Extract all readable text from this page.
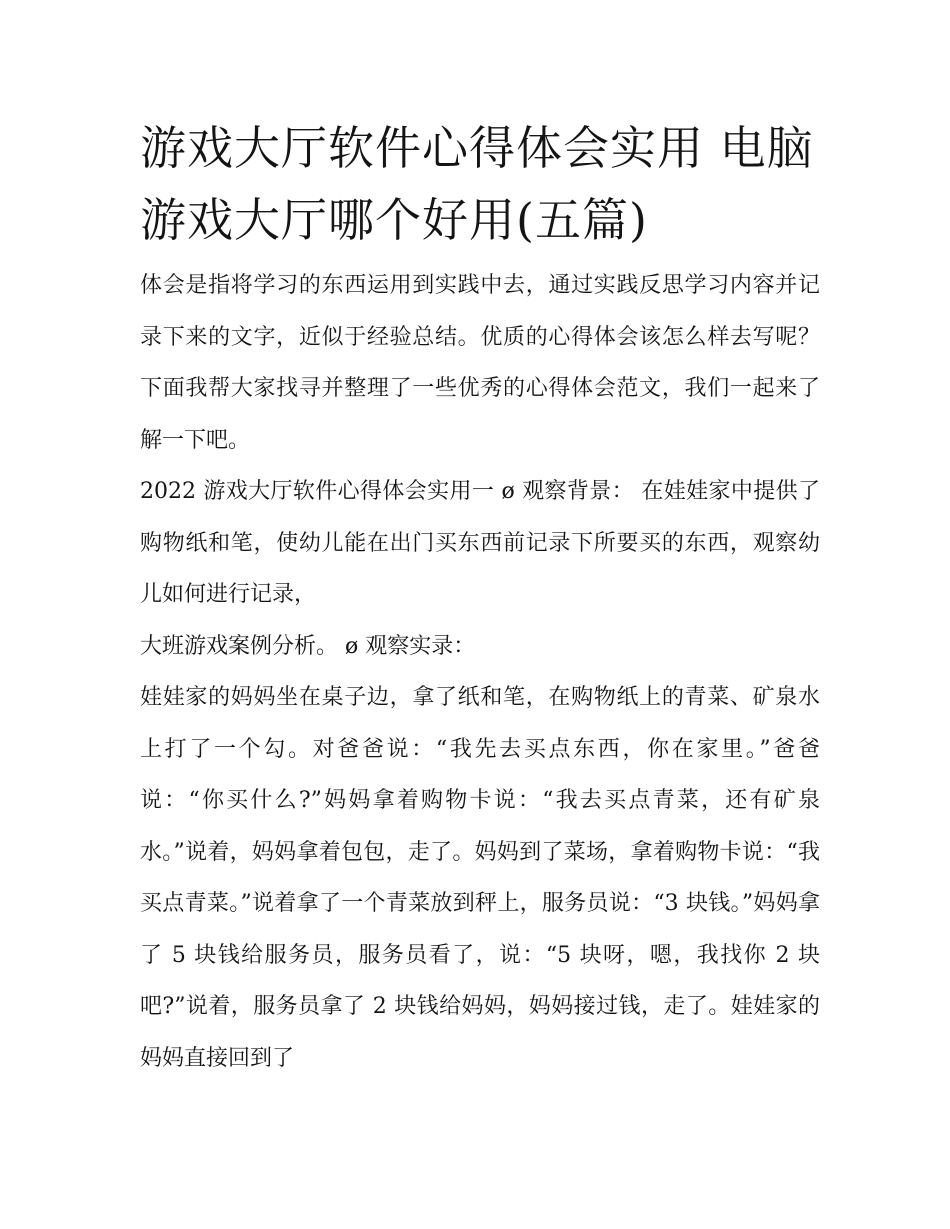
游戏大厅软件心得体会实用 电脑游戏大厅哪个好用(五篇)

体会是指将学习的东西运用到实践中去，通过实践反思学习内容并记录下来的文字，近似于经验总结。优质的心得体会该怎么样去写呢？下面我帮大家找寻并整理了一些优秀的心得体会范文，我们一起来了解一下吧。

2022 游戏大厅软件心得体会实用一 ø 观察背景： 在娃娃家中提供了购物纸和笔，使幼儿能在出门买东西前记录下所要买的东西，观察幼儿如何进行记录，

大班游戏案例分析。 ø 观察实录：

娃娃家的妈妈坐在桌子边，拿了纸和笔，在购物纸上的青菜、矿泉水上打了一个勾。对爸爸说：“我先去买点东西，你在家里。”爸爸说：“你买什么?”妈妈拿着购物卡说：“我去买点青菜，还有矿泉水。”说着，妈妈拿着包包，走了。妈妈到了菜场，拿着购物卡说：“我买点青菜。”说着拿了一个青菜放到秤上，服务员说：“3 块钱。”妈妈拿了 5 块钱给服务员，服务员看了，说：“5 块呀，嗯，我找你 2 块吧?”说着，服务员拿了 2 块钱给妈妈，妈妈接过钱，走了。娃娃家的妈妈直接回到了
